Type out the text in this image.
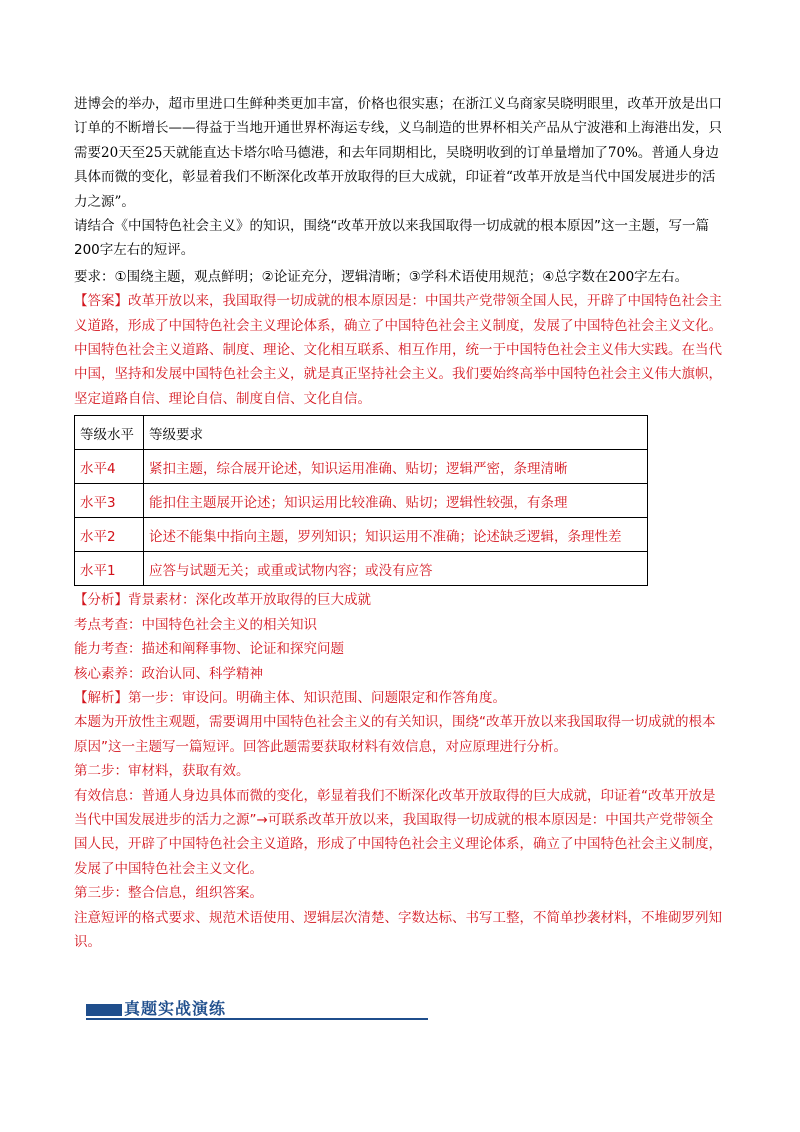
进博会的举办，超市里进口生鲜种类更加丰富，价格也很实惠；在浙江义乌商家吴晓明眼里，改革开放是出口订单的不断增长——得益于当地开通世界杯海运专线，义乌制造的世界杯相关产品从宁波港和上海港出发，只需要20天至25天就能直达卡塔尔哈马德港，和去年同期相比，吴晓明收到的订单量增加了70%。普通人身边具体而微的变化，彰显着我们不断深化改革开放取得的巨大成就，印证着“改革开放是当代中国发展进步的活力之源”。

请结合《中国特色社会主义》的知识，围绕“改革开放以来我国取得一切成就的根本原因”这一主题，写一篇200字左右的短评。

要求：①围绕主题，观点鲜明；②论证充分，逻辑清晰；③学科术语使用规范；④总字数在200字左右。

【答案】改革开放以来，我国取得一切成就的根本原因是：中国共产党带领全国人民，开辟了中国特色社会主义道路，形成了中国特色社会主义理论体系，确立了中国特色社会主义制度，发展了中国特色社会主义文化。

中国特色社会主义道路、制度、理论、文化相互联系、相互作用，统一于中国特色社会主义伟大实践。在当代中国，坚持和发展中国特色社会主义，就是真正坚持社会主义。我们要始终高举中国特色社会主义伟大旗帜，坚定道路自信、理论自信、制度自信、文化自信。

等级水平	等级要求
水平4	紧扣主题，综合展开论述，知识运用准确、贴切；逻辑严密，条理清晰
水平3	能扣住主题展开论述；知识运用比较准确、贴切；逻辑性较强，有条理
水平2	论述不能集中指向主题，罗列知识；知识运用不准确；论述缺乏逻辑，条理性差
水平1	应答与试题无关；或重或试物内容；或没有应答

【分析】背景素材：深化改革开放取得的巨大成就

考点考查：中国特色社会主义的相关知识

能力考查：描述和阐释事物、论证和探究问题

核心素养：政治认同、科学精神

【解析】第一步：审设问。明确主体、知识范围、问题限定和作答角度。

本题为开放性主观题，需要调用中国特色社会主义的有关知识，围绕“改革开放以来我国取得一切成就的根本原因”这一主题写一篇短评。回答此题需要获取材料有效信息，对应原理进行分析。

第二步：审材料，获取有效。

有效信息：普通人身边具体而微的变化，彰显着我们不断深化改革开放取得的巨大成就，印证着“改革开放是当代中国发展进步的活力之源”→可联系改革开放以来，我国取得一切成就的根本原因是：中国共产党带领全国人民，开辟了中国特色社会主义道路，形成了中国特色社会主义理论体系，确立了中国特色社会主义制度，发展了中国特色社会主义文化。

第三步：整合信息，组织答案。

注意短评的格式要求、规范术语使用、逻辑层次清楚、字数达标、书写工整，不简单抄袭材料，不堆砌罗列知识。

真题实战演练
